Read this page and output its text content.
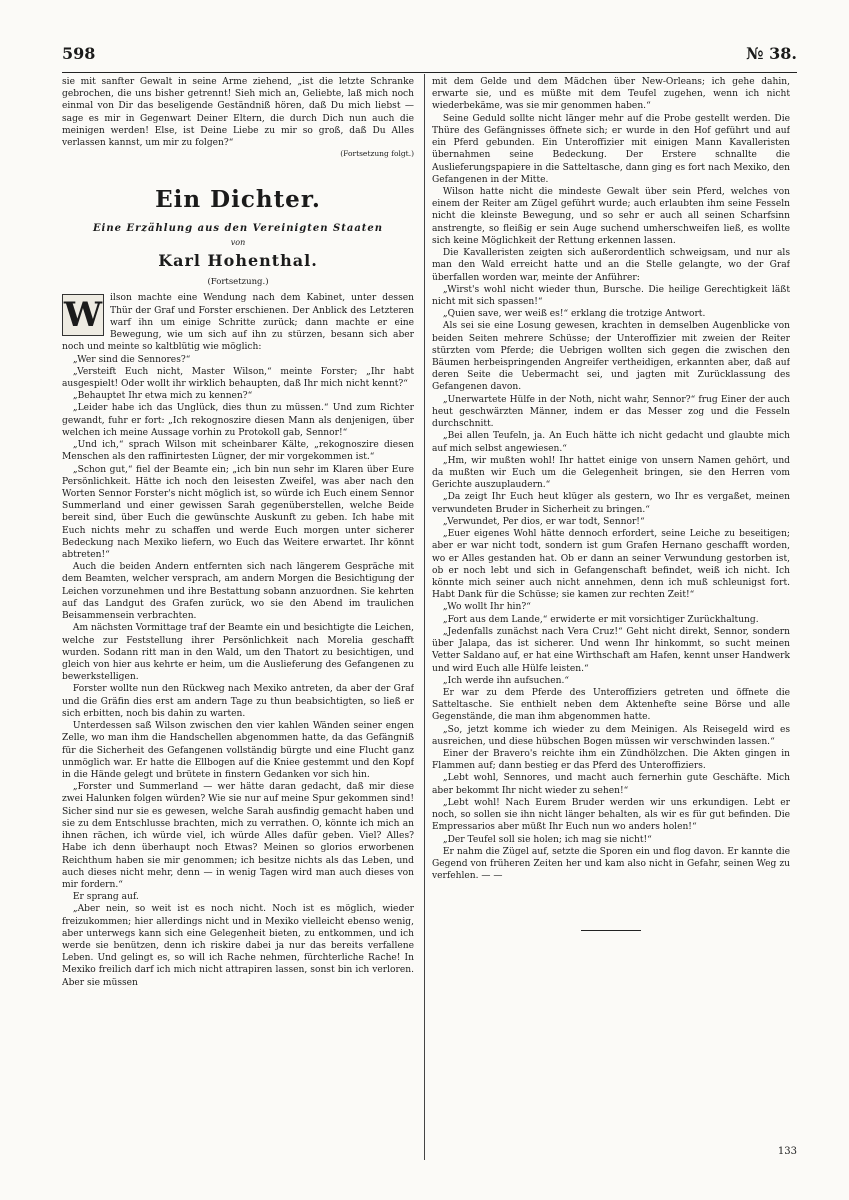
598	№ 38.

sie mit sanfter Gewalt in seine Arme ziehend, „ist die letzte Schranke gebrochen, die uns bisher getrennt! Sieh mich an, Geliebte, laß mich noch einmal von Dir das beseligende Geständniß hören, daß Du mich liebst — sage es mir in Gegenwart Deiner Eltern, die durch Dich nun auch die meinigen werden! Else, ist Deine Liebe zu mir so groß, daß Du Alles verlassen kannst, um mir zu folgen?“

(Fortsetzung folgt.)

Ein Dichter.
Eine Erzählung aus den Vereinigten Staaten
von
Karl Hohenthal.
(Fortsetzung.)

W ilson machte eine Wendung nach dem Kabinet, unter dessen Thür der Graf und Forster erschienen. Der Anblick des Letzteren warf ihn um einige Schritte zurück; dann machte er eine Bewegung, wie um sich auf ihn zu stürzen, besann sich aber noch und meinte so kaltblütig wie möglich:

„Wer sind die Sennores?“

„Versteift Euch nicht, Master Wilson,“ meinte Forster; „Ihr habt ausgespielt! Oder wollt ihr wirklich behaupten, daß Ihr mich nicht kennt?“

„Behauptet Ihr etwa mich zu kennen?“

„Leider habe ich das Unglück, dies thun zu müssen.“ Und zum Richter gewandt, fuhr er fort: „Ich rekognoszire diesen Mann als denjenigen, über welchen ich meine Aussage vorhin zu Protokoll gab, Sennor!“

„Und ich,“ sprach Wilson mit scheinbarer Kälte, „rekognoszire diesen Menschen als den raffinirtesten Lügner, der mir vorgekommen ist.“

„Schon gut,“ fiel der Beamte ein; „ich bin nun sehr im Klaren über Eure Persönlichkeit. Hätte ich noch den leisesten Zweifel, was aber nach den Worten Sennor Forster's nicht möglich ist, so würde ich Euch einem Sennor Summerland und einer gewissen Sarah gegenüberstellen, welche Beide bereit sind, über Euch die gewünschte Auskunft zu geben. Ich habe mit Euch nichts mehr zu schaffen und werde Euch morgen unter sicherer Bedeckung nach Mexiko liefern, wo Euch das Weitere erwartet. Ihr könnt abtreten!“

Auch die beiden Andern entfernten sich nach längerem Gespräche mit dem Beamten, welcher versprach, am andern Morgen die Besichtigung der Leichen vorzunehmen und ihre Bestattung sobann anzuordnen. Sie kehrten auf das Landgut des Grafen zurück, wo sie den Abend im traulichen Beisammensein verbrachten.

Am nächsten Vormittage traf der Beamte ein und besichtigte die Leichen, welche zur Feststellung ihrer Persönlichkeit nach Morelia geschafft wurden. Sodann ritt man in den Wald, um den Thatort zu besichtigen, und gleich von hier aus kehrte er heim, um die Auslieferung des Gefangenen zu bewerkstelligen.

Forster wollte nun den Rückweg nach Mexiko antreten, da aber der Graf und die Gräfin dies erst am andern Tage zu thun beabsichtigten, so ließ er sich erbitten, noch bis dahin zu warten.

Unterdessen saß Wilson zwischen den vier kahlen Wänden seiner engen Zelle, wo man ihm die Handschellen abgenommen hatte, da das Gefängniß für die Sicherheit des Gefangenen vollständig bürgte und eine Flucht ganz unmöglich war. Er hatte die Ellbogen auf die Kniee gestemmt und den Kopf in die Hände gelegt und brütete in finstern Gedanken vor sich hin.

„Forster und Summerland — wer hätte daran gedacht, daß mir diese zwei Halunken folgen würden? Wie sie nur auf meine Spur gekommen sind! Sicher sind nur sie es gewesen, welche Sarah ausfindig gemacht haben und sie zu dem Entschlusse brachten, mich zu verrathen. O, könnte ich mich an ihnen rächen, ich würde viel, ich würde Alles dafür geben. Viel? Alles? Habe ich denn überhaupt noch Etwas? Meinen so glorios erworbenen Reichthum haben sie mir genommen; ich besitze nichts als das Leben, und auch dieses nicht mehr, denn — in wenig Tagen wird man auch dieses von mir fordern.“

Er sprang auf.

„Aber nein, so weit ist es noch nicht. Noch ist es möglich, wieder freizukommen; hier allerdings nicht und in Mexiko vielleicht ebenso wenig, aber unterwegs kann sich eine Gelegenheit bieten, zu entkommen, und ich werde sie benützen, denn ich riskire dabei ja nur das bereits verfallene Leben. Und gelingt es, so will ich Rache nehmen, fürchterliche Rache! In Mexiko freilich darf ich mich nicht attrapiren lassen, sonst bin ich verloren. Aber sie müssen

mit dem Gelde und dem Mädchen über New-Orleans; ich gehe dahin, erwarte sie, und es müßte mit dem Teufel zugehen, wenn ich nicht wiederbekäme, was sie mir genommen haben.“

Seine Geduld sollte nicht länger mehr auf die Probe gestellt werden. Die Thüre des Gefängnisses öffnete sich; er wurde in den Hof geführt und auf ein Pferd gebunden. Ein Unteroffizier mit einigen Mann Kavalleristen übernahmen seine Bedeckung. Der Erstere schnallte die Auslieferungspapiere in die Satteltasche, dann ging es fort nach Mexiko, den Gefangenen in der Mitte.

Wilson hatte nicht die mindeste Gewalt über sein Pferd, welches von einem der Reiter am Zügel geführt wurde; auch erlaubten ihm seine Fesseln nicht die kleinste Bewegung, und so sehr er auch all seinen Scharfsinn anstrengte, so fleißig er sein Auge suchend umherschweifen ließ, es wollte sich keine Möglichkeit der Rettung erkennen lassen.

Die Kavalleristen zeigten sich außerordentlich schweigsam, und nur als man den Wald erreicht hatte und an die Stelle gelangte, wo der Graf überfallen worden war, meinte der Anführer:

„Wirst's wohl nicht wieder thun, Bursche. Die heilige Gerechtigkeit läßt nicht mit sich spassen!“

„Quien save, wer weiß es!“ erklang die trotzige Antwort.

Als sei sie eine Losung gewesen, krachten in demselben Augenblicke von beiden Seiten mehrere Schüsse; der Unteroffizier mit zweien der Reiter stürzten vom Pferde; die Uebrigen wollten sich gegen die zwischen den Bäumen herbeispringenden Angreifer vertheidigen, erkannten aber, daß auf deren Seite die Uebermacht sei, und jagten mit Zurücklassung des Gefangenen davon.

„Unerwartete Hülfe in der Noth, nicht wahr, Sennor?“ frug Einer der auch heut geschwärzten Männer, indem er das Messer zog und die Fesseln durchschnitt.

„Bei allen Teufeln, ja. An Euch hätte ich nicht gedacht und glaubte mich auf mich selbst angewiesen.“

„Hm, wir mußten wohl! Ihr hattet einige von unsern Namen gehört, und da mußten wir Euch um die Gelegenheit bringen, sie den Herren vom Gerichte auszuplaudern.“

„Da zeigt Ihr Euch heut klüger als gestern, wo Ihr es vergaßet, meinen verwundeten Bruder in Sicherheit zu bringen.“

„Verwundet, Per dios, er war todt, Sennor!“

„Euer eigenes Wohl hätte dennoch erfordert, seine Leiche zu beseitigen; aber er war nicht todt, sondern ist gum Grafen Hernano geschafft worden, wo er Alles gestanden hat. Ob er dann an seiner Verwundung gestorben ist, ob er noch lebt und sich in Gefangenschaft befindet, weiß ich nicht. Ich könnte mich seiner auch nicht annehmen, denn ich muß schleunigst fort. Habt Dank für die Schüsse; sie kamen zur rechten Zeit!“

„Wo wollt Ihr hin?“

„Fort aus dem Lande,“ erwiderte er mit vorsichtiger Zurückhaltung.

„Jedenfalls zunächst nach Vera Cruz!“ Geht nicht direkt, Sennor, sondern über Jalapa, das ist sicherer. Und wenn Ihr hinkommt, so sucht meinen Vetter Saldano auf, er hat eine Wirthschaft am Hafen, kennt unser Handwerk und wird Euch alle Hülfe leisten.“

„Ich werde ihn aufsuchen.“

Er war zu dem Pferde des Unteroffiziers getreten und öffnete die Satteltasche. Sie enthielt neben dem Aktenhefte seine Börse und alle Gegenstände, die man ihm abgenommen hatte.

„So, jetzt komme ich wieder zu dem Meinigen. Als Reisegeld wird es ausreichen, und diese hübschen Bogen müssen wir verschwinden lassen.“

Einer der Bravero's reichte ihm ein Zündhölzchen. Die Akten gingen in Flammen auf; dann bestieg er das Pferd des Unteroffiziers.

„Lebt wohl, Sennores, und macht auch fernerhin gute Geschäfte. Mich aber bekommt Ihr nicht wieder zu sehen!“

„Lebt wohl! Nach Eurem Bruder werden wir uns erkundigen. Lebt er noch, so sollen sie ihn nicht länger behalten, als wir es für gut befinden. Die Empressarios aber müßt Ihr Euch nun wo anders holen!“

„Der Teufel soll sie holen; ich mag sie nicht!“

Er nahm die Zügel auf, setzte die Sporen ein und flog davon. Er kannte die Gegend von früheren Zeiten her und kam also nicht in Gefahr, seinen Weg zu verfehlen. — —

133
